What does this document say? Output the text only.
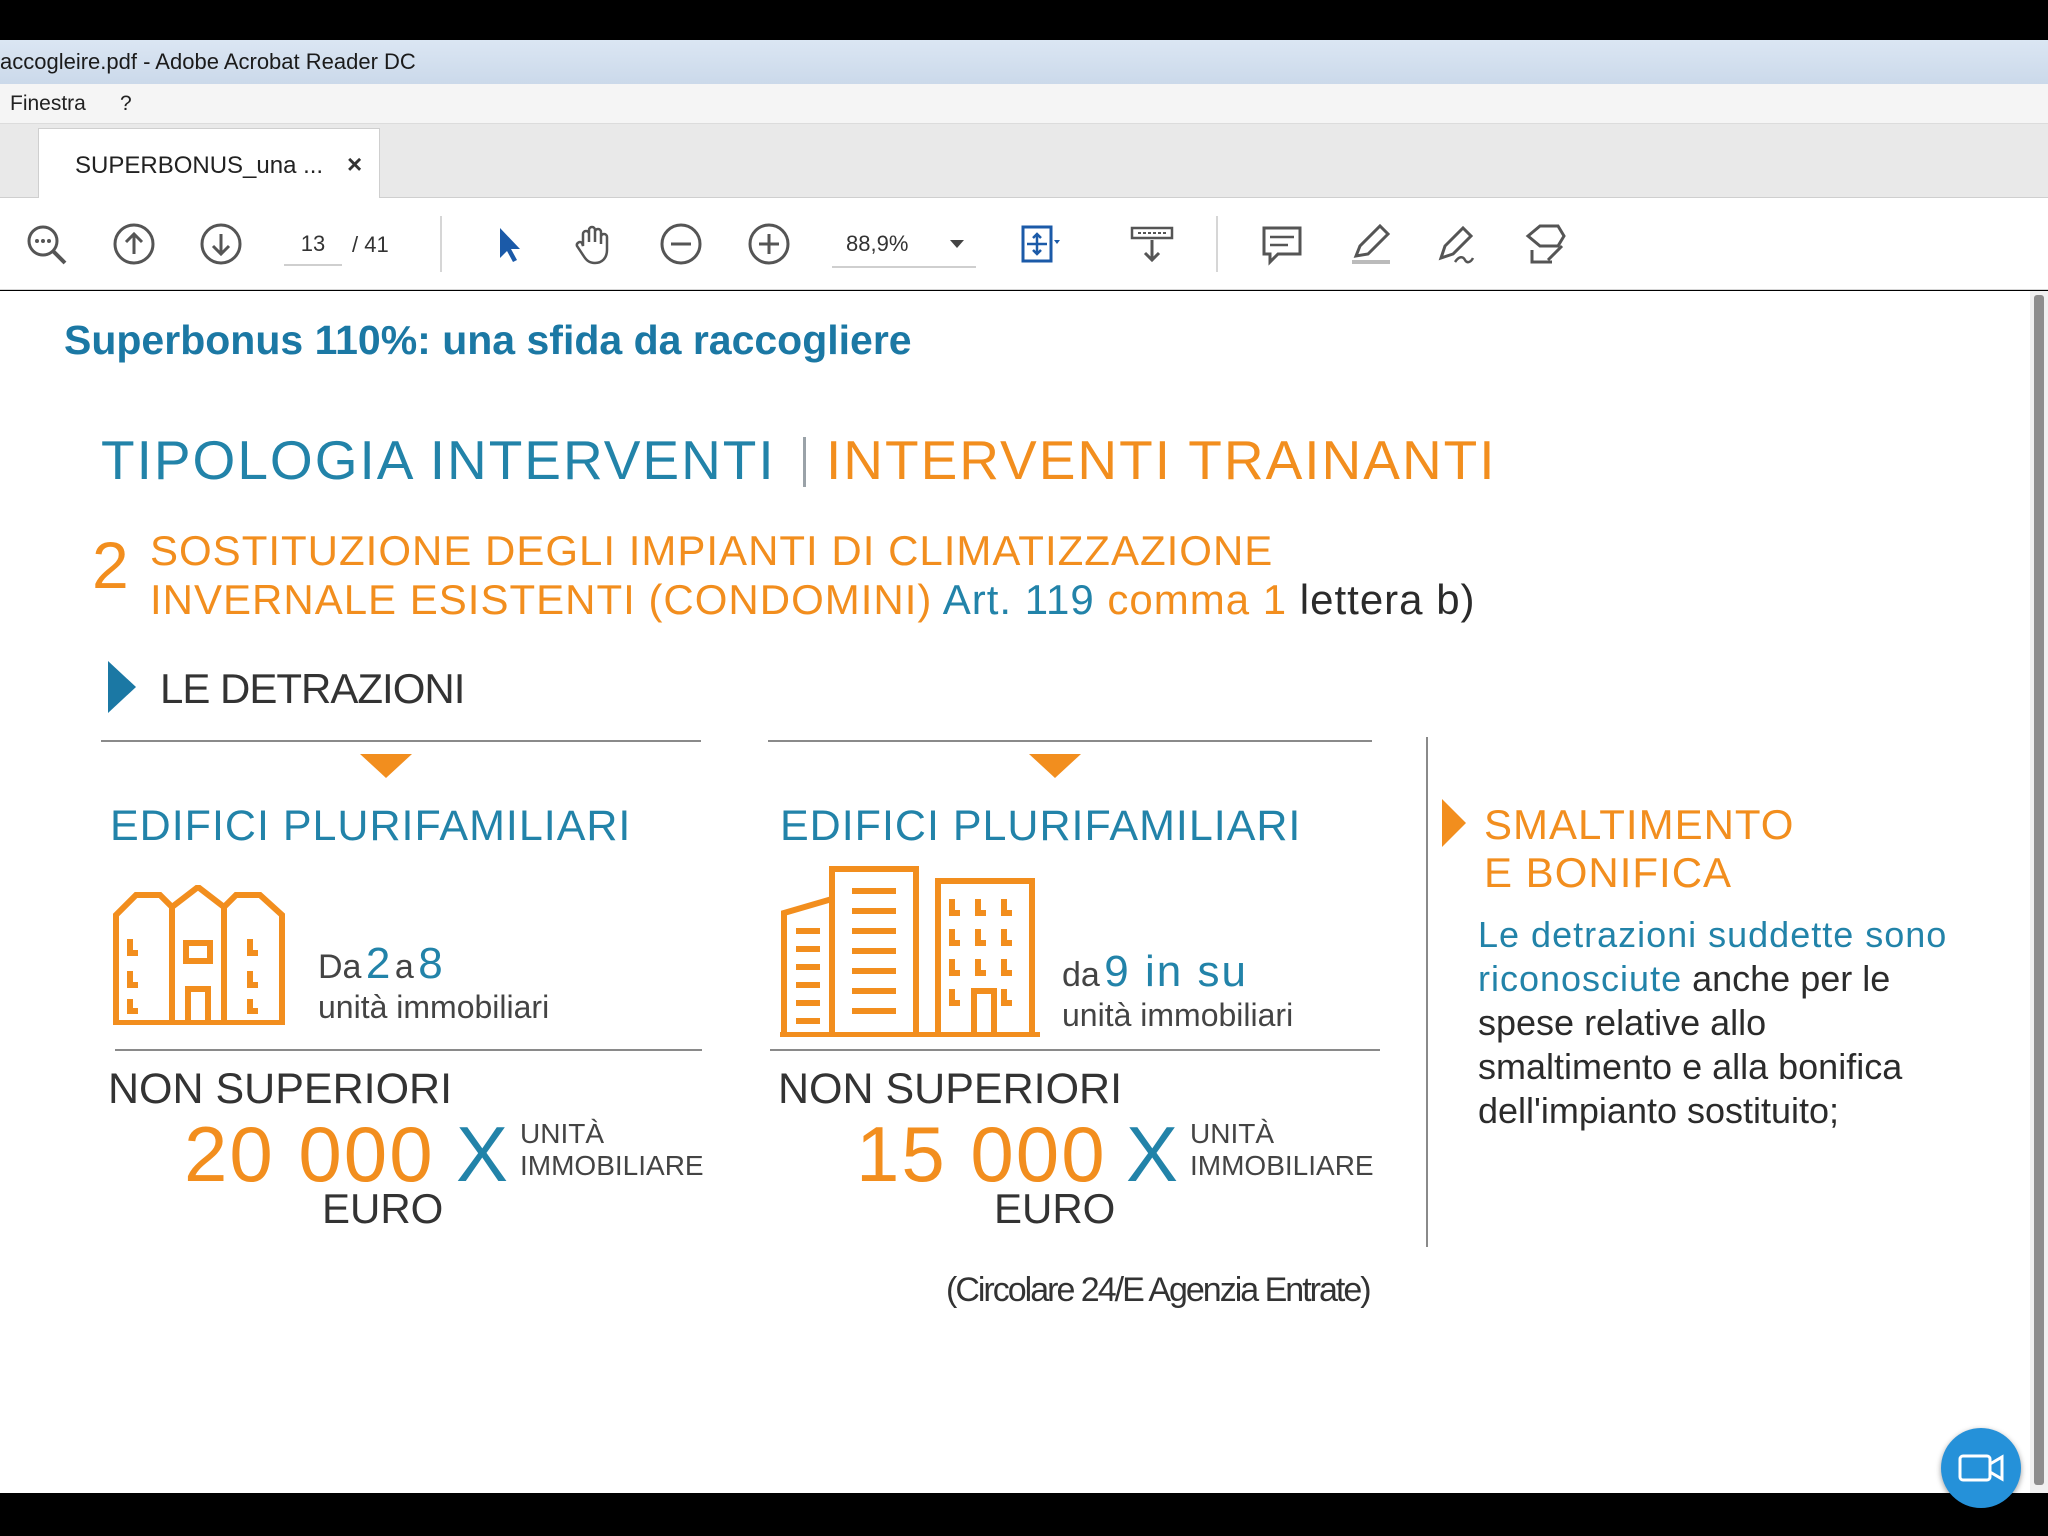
accogleire.pdf - Adobe Acrobat Reader DC
Finestra ?
SUPERBONUS_una ... ×
13	/ 41	88,9%
Superbonus 110%: una sfida da raccogliere
TIPOLOGIA INTERVENTI INTERVENTI TRAINANTI
2 SOSTITUZIONE DEGLI IMPIANTI DI CLIMATIZZAZIONE
INVERNALE ESISTENTI (CONDOMINI) Art. 119 comma 1 lettera b)
LE DETRAZIONI
EDIFICI PLURIFAMILIARI
Da 2 a 8
unità immobiliari
NON SUPERIORI
20 000 X UNITÀ
IMMOBILIARE
EURO
EDIFICI PLURIFAMILIARI
da 9 in su
unità immobiliari
NON SUPERIORI
15 000 X UNITÀ
IMMOBILIARE
EURO
SMALTIMENTO
E BONIFICA
Le detrazioni suddette sono riconosciute anche per le spese relative allo smaltimento e alla bonifica dell'impianto sostituito;
(Circolare 24/E Agenzia Entrate)
